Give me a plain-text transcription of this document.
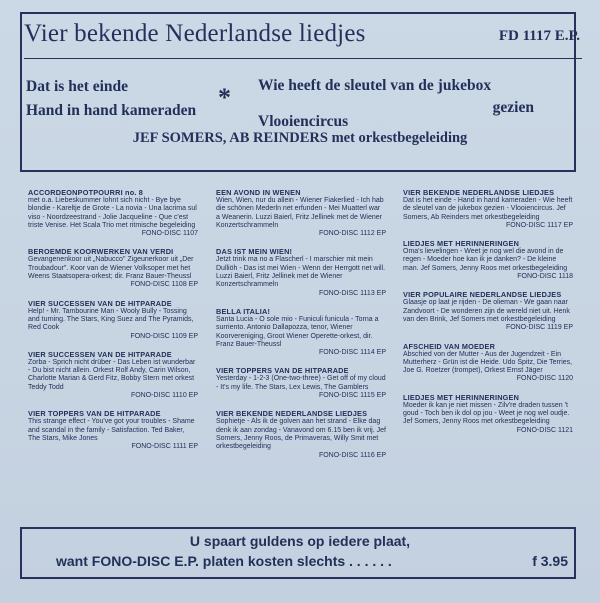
Vier bekende Nederlandse liedjes	FD 1117 E.P.
Dat is het einde
Hand in hand kameraden * Wie heeft de sleutel van de jukebox
gezien
Vlooiencircus
JEF SOMERS, AB REINDERS met orkestbegeleiding
ACCORDEONPOTPOURRI no. 8

met o.a. Liebeskummer lohnt sich nicht - Bye bye blondie - Kareltje de Grote - La novia - Una lacrima sul viso - Noordzeestrand - Jolie Jacqueline - Que c'est triste Venise. Het Scala Trio met ritmische begeleiding

FONO-DISC 1107
BEROEMDE KOORWERKEN VAN VERDI

Gevangenenkoor uit „Nabucco" Zigeunerkoor uit „Der Troubadour". Koor van de Wiener Volksoper met het Weens Staatsopera-orkest; dir. Franz Bauer-Theussl

FONO-DISC 1108 EP
VIER SUCCESSEN VAN DE HITPARADE

Help! - Mr. Tambourine Man - Wooly Bully - Tossing and turning. The Stars, King Suez and The Pyramids, Red Cook

FONO-DISC 1109 EP
VIER SUCCESSEN VAN DE HITPARADE

Zorba - Sprich nicht drüber - Das Leben ist wunderbar - Du bist nicht allein. Orkest Rolf Andy, Carin Wilson, Charlotte Marian & Gerd Fitz, Bobby Stern met orkest Teddy Todd

FONO-DISC 1110 EP
VIER TOPPERS VAN DE HITPARADE

This strange effect - You've got your troubles - Shame and scandal in the family - Satisfaction. Ted Baker, The Stars, Mike Jones

FONO-DISC 1111 EP
EEN AVOND IN WENEN

Wien, Wien, nur du allein - Wiener Fiakerlied - Ich hab die schönen Mederln net erfunden - Mei Muatterl war a Weanerin. Luzzi Baierl, Fritz Jellinek met de Wiener Konzertschrammeln

FONO-DISC 1112 EP
DAS IST MEIN WIEN!

Jetzt trink ma no a Flascherl - I marschier mit mein Dulliöh - Das ist mei Wien - Wenn der Herrgott net will. Luzzi Baierl, Fritz Jellinek met de Wiener Konzertschrammeln

FONO-DISC 1113 EP
BELLA ITALIA!

Santa Lucia - O sole mio - Funiculi funicula - Torna a surriento. Antonio Dallapozza, tenor, Wiener Koorvereniging, Groot Wiener Operette-orkest, dir. Franz Bauer-Theussl

FONO-DISC 1114 EP
VIER TOPPERS VAN DE HITPARADE

Yesterday - 1-2-3 (One-two-three) - Get off of my cloud - It's my life. The Stars, Lex Lewis, The Gamblers

FONO-DISC 1115 EP
VIER BEKENDE NEDERLANDSE LIEDJES

Sophietje - Als ik de golven aan het strand - Elke dag denk ik aan zondag - Vanavond om 6.15 ben ik vrij. Jef Somers, Jenny Roos, de Primaveras, Willy Smit met orkestbegeleiding

FONO-DISC 1116 EP
VIER BEKENDE NEDERLANDSE LIEDJES

Dat is het einde - Hand in hand kameraden - Wie heeft de sleutel van de jukebox gezien - Vlooiencircus. Jef Somers, Ab Reinders met orkestbegeleiding

FONO-DISC 1117 EP
LIEDJES MET HERINNERINGEN

Oma's lievelingen - Weet je nog wel die avond in de regen - Moeder hoe kan ik je danken? - De kleine man. Jef Somers, Jenny Roos met orkestbegeleiding

FONO-DISC 1118
VIER POPULAIRE NEDERLANDSE LIEDJES

Glaasje op laat je rijden - De olieman - We gaan naar Zandvoort - De wonderen zijn de wereld niet uit. Henk van den Brink, Jef Somers met orkestbegeleiding

FONO-DISC 1119 EP
AFSCHEID VAN MOEDER

Abschied von der Mutter - Aus der Jugendzeit - Ein Mutterherz - Grün ist die Heide. Udo Spitz, Die Terries, Joe G. Roetzer (trompet), Orkest Ernst Jäger

FONO-DISC 1120
LIEDJES MET HERINNERINGEN

Moeder ik kan je niet missen - Zilv're draden tussen 't goud - Toch ben ik dol op jou - Weet je nog wel oudje. Jef Somers, Jenny Roos met orkestbegeleiding

FONO-DISC 1121
U spaart guldens op iedere plaat,
want FONO-DISC E.P. platen kosten slechts . . . . . .	f 3.95
